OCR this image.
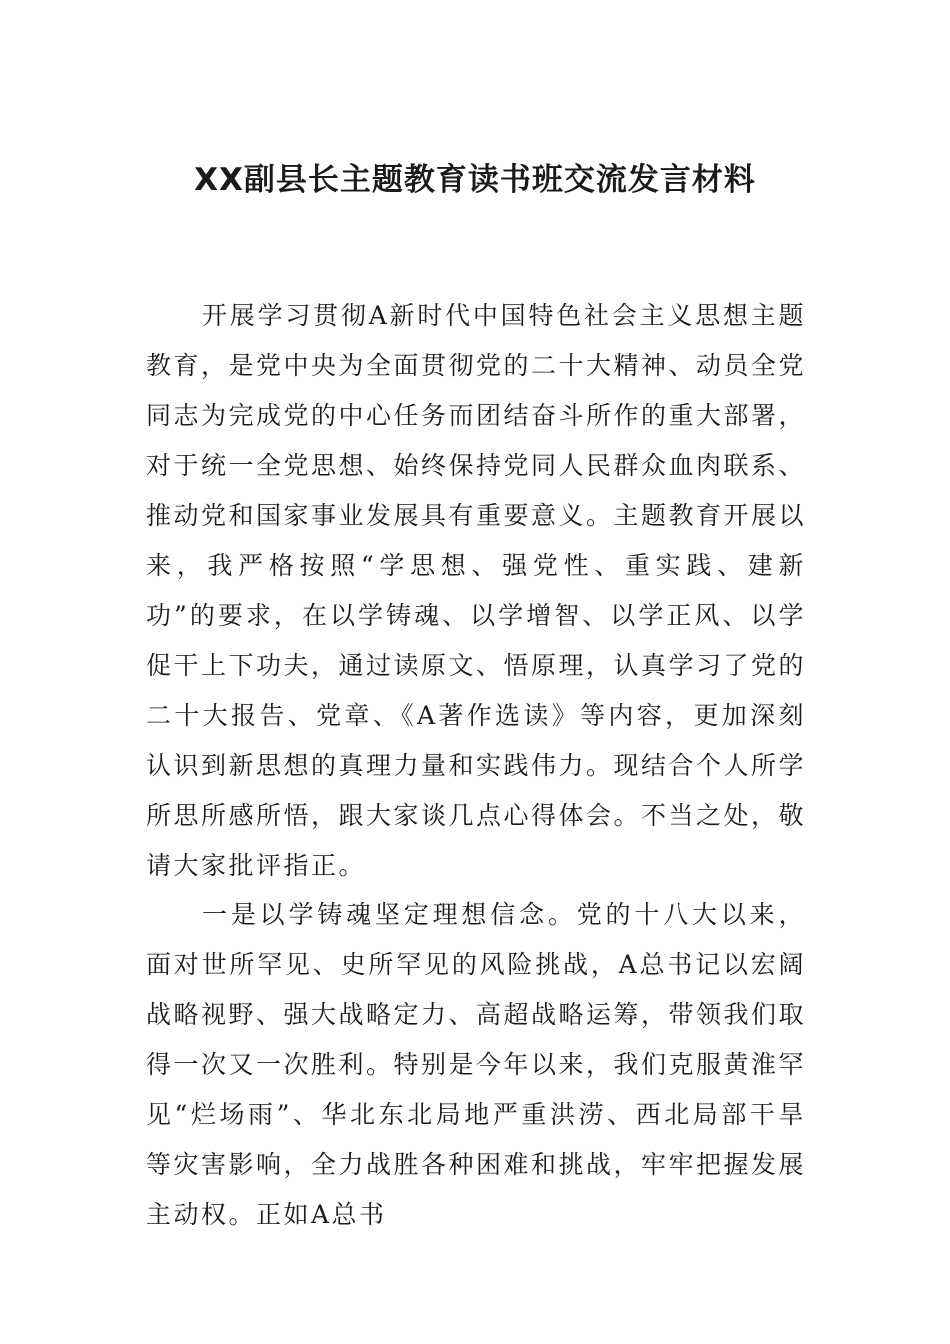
XX副县长主题教育读书班交流发言材料

开展学习贯彻A新时代中国特色社会主义思想主题教育，是党中央为全面贯彻党的二十大精神、动员全党同志为完成党的中心任务而团结奋斗所作的重大部署，对于统一全党思想、始终保持党同人民群众血肉联系、推动党和国家事业发展具有重要意义。主题教育开展以来，我严格按照“学思想、强党性、重实践、建新功”的要求，在以学铸魂、以学增智、以学正风、以学促干上下功夫，通过读原文、悟原理，认真学习了党的二十大报告、党章、《A著作选读》等内容，更加深刻认识到新思想的真理力量和实践伟力。现结合个人所学所思所感所悟，跟大家谈几点心得体会。不当之处，敬请大家批评指正。

一是以学铸魂坚定理想信念。党的十八大以来，面对世所罕见、史所罕见的风险挑战，A总书记以宏阔战略视野、强大战略定力、高超战略运筹，带领我们取得一次又一次胜利。特别是今年以来，我们克服黄淮罕见“烂场雨”、华北东北局地严重洪涝、西北局部干旱等灾害影响，全力战胜各种困难和挑战，牢牢把握发展主动权。正如A总书
